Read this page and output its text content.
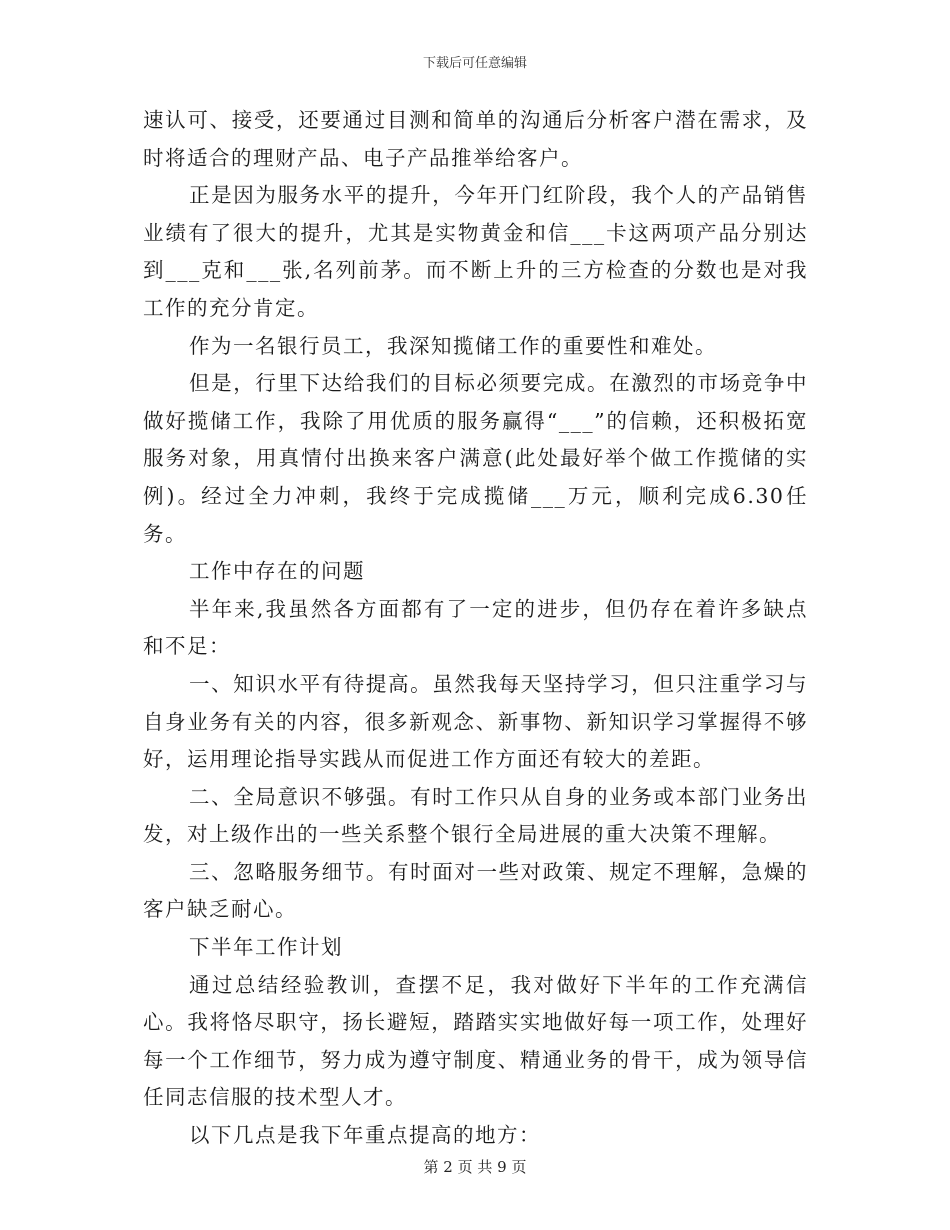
下载后可任意编辑

速认可、接受，还要通过目测和简单的沟通后分析客户潜在需求，及时将适合的理财产品、电子产品推举给客户。

正是因为服务水平的提升，今年开门红阶段，我个人的产品销售业绩有了很大的提升，尤其是实物黄金和信___卡这两项产品分别达到___克和___张,名列前茅。而不断上升的三方检查的分数也是对我工作的充分肯定。

作为一名银行员工，我深知揽储工作的重要性和难处。

但是，行里下达给我们的目标必须要完成。在激烈的市场竞争中做好揽储工作，我除了用优质的服务赢得“___”的信赖，还积极拓宽服务对象，用真情付出换来客户满意(此处最好举个做工作揽储的实例)。经过全力冲刺，我终于完成揽储___万元，顺利完成6.30任务。

工作中存在的问题

半年来,我虽然各方面都有了一定的进步，但仍存在着许多缺点和不足：

一、知识水平有待提高。虽然我每天坚持学习，但只注重学习与自身业务有关的内容，很多新观念、新事物、新知识学习掌握得不够好，运用理论指导实践从而促进工作方面还有较大的差距。

二、全局意识不够强。有时工作只从自身的业务或本部门业务出发，对上级作出的一些关系整个银行全局进展的重大决策不理解。

三、忽略服务细节。有时面对一些对政策、规定不理解，急燥的客户缺乏耐心。

下半年工作计划

通过总结经验教训，查摆不足，我对做好下半年的工作充满信心。我将恪尽职守，扬长避短，踏踏实实地做好每一项工作，处理好每一个工作细节，努力成为遵守制度、精通业务的骨干，成为领导信任同志信服的技术型人才。

以下几点是我下年重点提高的地方：

第 2 页 共 9 页
